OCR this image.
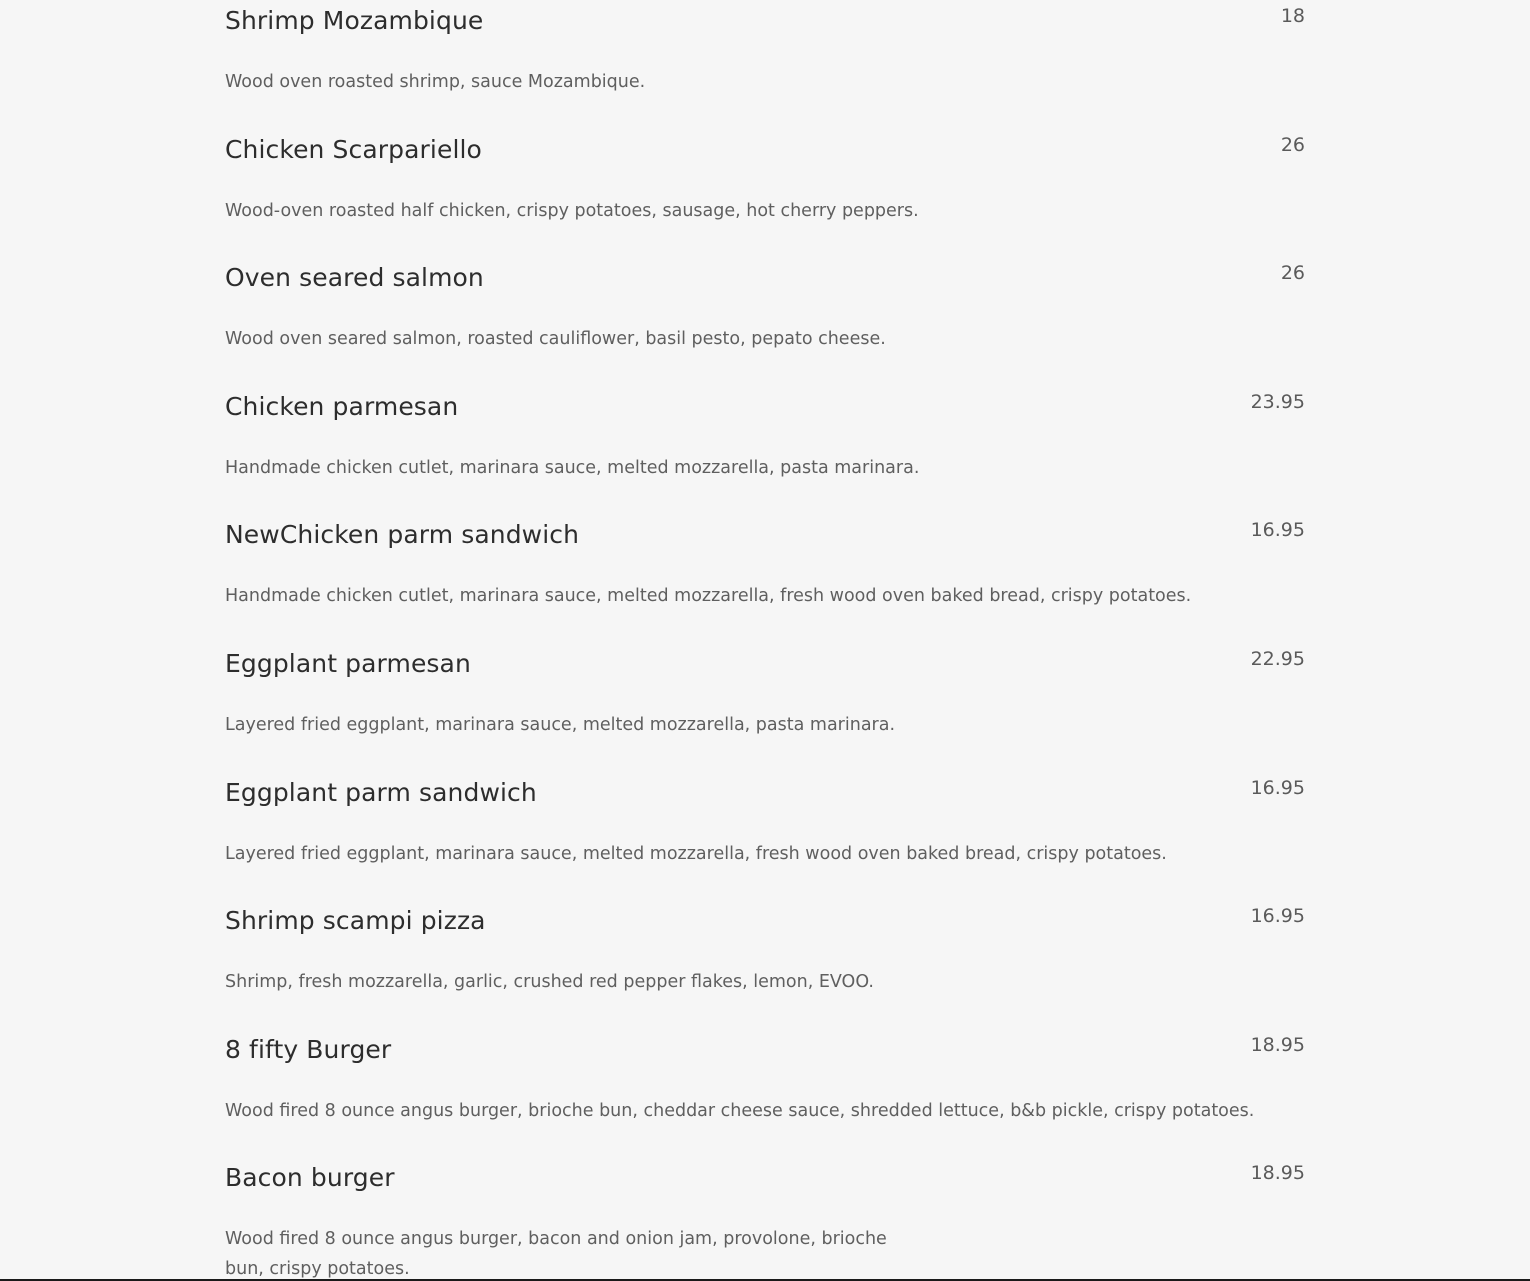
Shrimp Mozambique	18
Wood oven roasted shrimp, sauce Mozambique.
Chicken Scarpariello	26
Wood-oven roasted half chicken, crispy potatoes, sausage, hot cherry peppers.
Oven seared salmon	26
Wood oven seared salmon, roasted cauliflower, basil pesto, pepato cheese.
Chicken parmesan	23.95
Handmade chicken cutlet, marinara sauce, melted mozzarella, pasta marinara.
NewChicken parm sandwich	16.95
Handmade chicken cutlet, marinara sauce, melted mozzarella, fresh wood oven baked bread, crispy potatoes.
Eggplant parmesan	22.95
Layered fried eggplant, marinara sauce, melted mozzarella, pasta marinara.
Eggplant parm sandwich	16.95
Layered fried eggplant, marinara sauce, melted mozzarella, fresh wood oven baked bread, crispy potatoes.
Shrimp scampi pizza	16.95
Shrimp, fresh mozzarella, garlic, crushed red pepper flakes, lemon, EVOO.
8 fifty Burger	18.95
Wood fired 8 ounce angus burger, brioche bun, cheddar cheese sauce, shredded lettuce, b&b pickle, crispy potatoes.
Bacon burger	18.95
Wood fired 8 ounce angus burger, bacon and onion jam, provolone, brioche bun, crispy potatoes.
